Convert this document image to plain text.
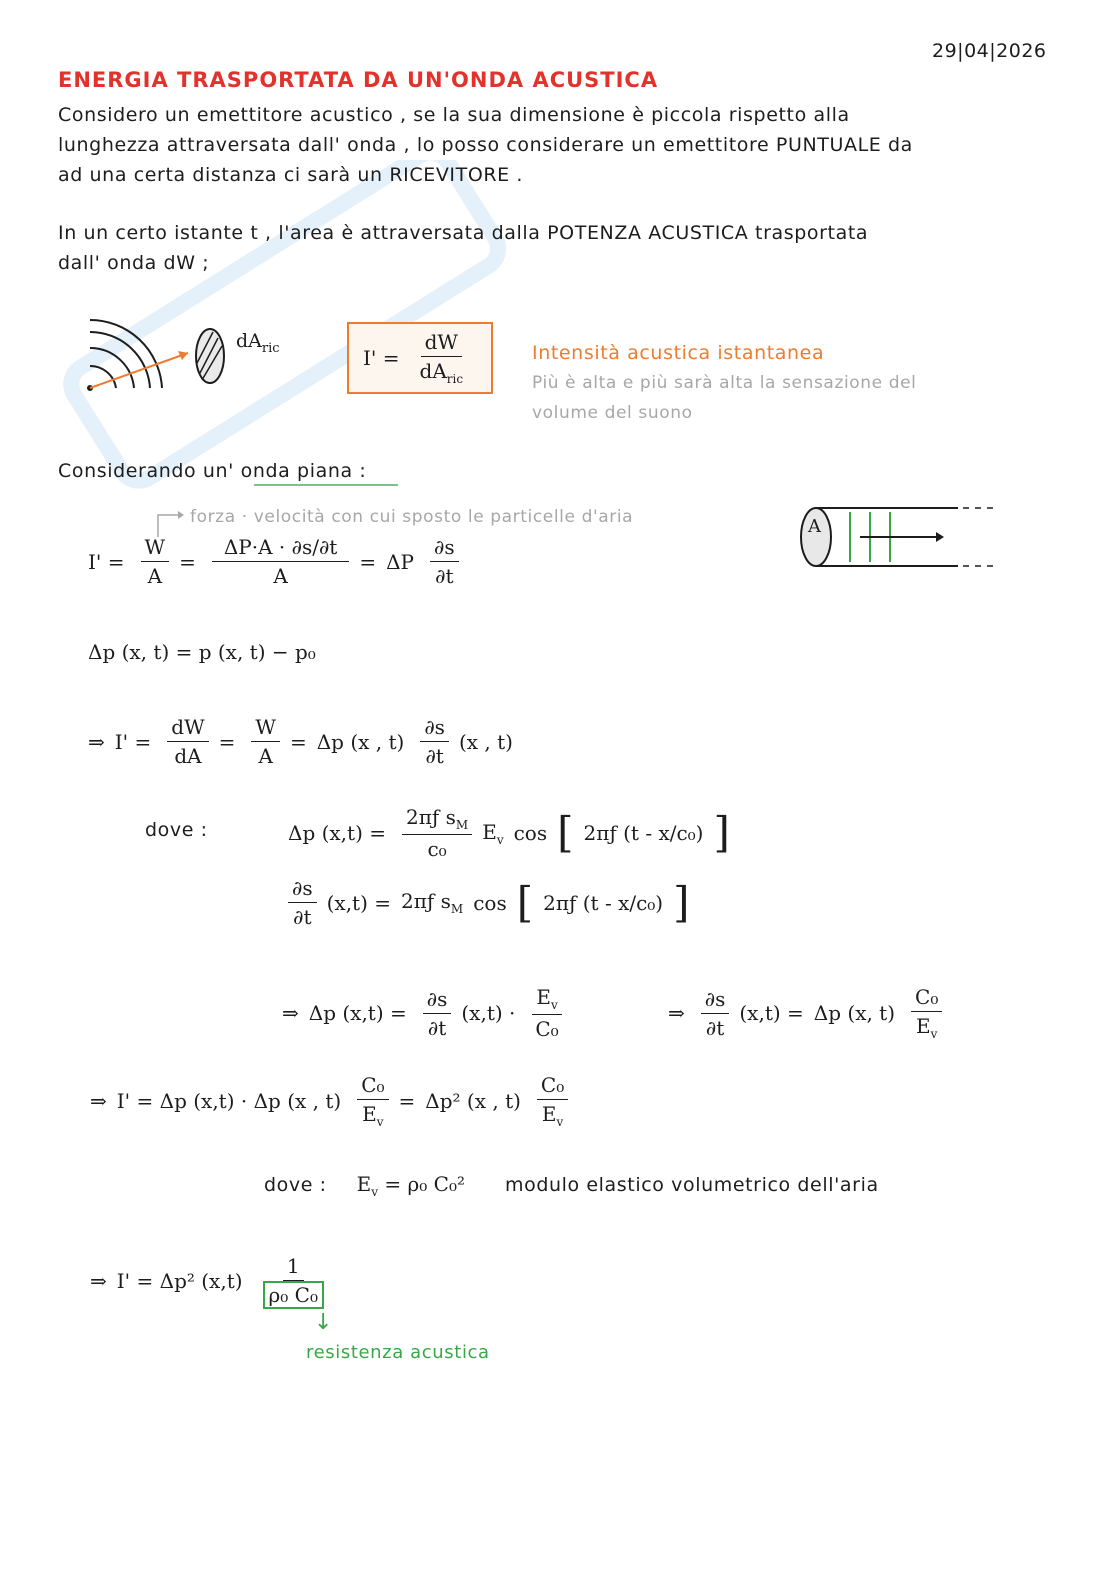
29|04|2026
ENERGIA TRASPORTATA DA UN'ONDA ACUSTICA
Considero un emettitore acustico , se la sua dimensione è piccola rispetto alla
lunghezza attraversata dall' onda , lo posso considerare un emettitore PUNTUALE da
ad una certa distanza ci sarà un RICEVITORE .
In un certo istante t , l'area è attraversata dalla POTENZA ACUSTICA trasportata
dall' onda dW ;
$dA_{ric}$	$I' = \frac{dW}{dA_{ric}}$	Intensità acustica istantanea
Più è alta e più sarà alta la sensazione del
volume del suono
Considerando un' onda piana :
forza · velocità con cui sposto le particelle d'aria
$I' = \frac{W}{A} = \frac{\Delta P\cdot A \cdot \partial s/\partial t}{A} = \Delta P \frac{\partial s}{\partial t}$
A
Δp (x, t) = p (x, t) − p₀
⇒ $I' = \frac{dW}{dA} = \frac{W}{A} = \Delta p$ (x , $t) \frac{\partial s}{\partial t} (x$ , t)
dove :	Δp $(x,t) = \frac{2\pi ƒ s_M}{\text{c₀}} E_v$ cos [ 2πƒ (t - x/c₀) ]
$\frac{\partial s}{\partial t} (x,t)$ = 2πƒ $s_M$ cos [ 2πƒ (t - x/c₀) ]
⇒ Δp $(x,t) = \frac{\partial s}{\partial t} (x,t) \cdot \frac{E_v}{\text{C₀}}$	⇒ $\frac{\partial s}{\partial t} (x,t) = \Delta p$ (x, $t) \frac{\text{C₀}}{E_v}$
⇒ I' = Δp (x,t) · Δp (x , $t) \frac{\text{C₀}}{E_v} = \Delta p^2$ (x , $t) \frac{\text{C₀}}{E_v}$
dove : $E_v = \rho_0$ C₀² modulo elastico volumetrico dell'aria
⇒ I' = Δp² $(x,t) \frac{1}{\text{ρ₀ C₀}}$
↓
resistenza acustica
